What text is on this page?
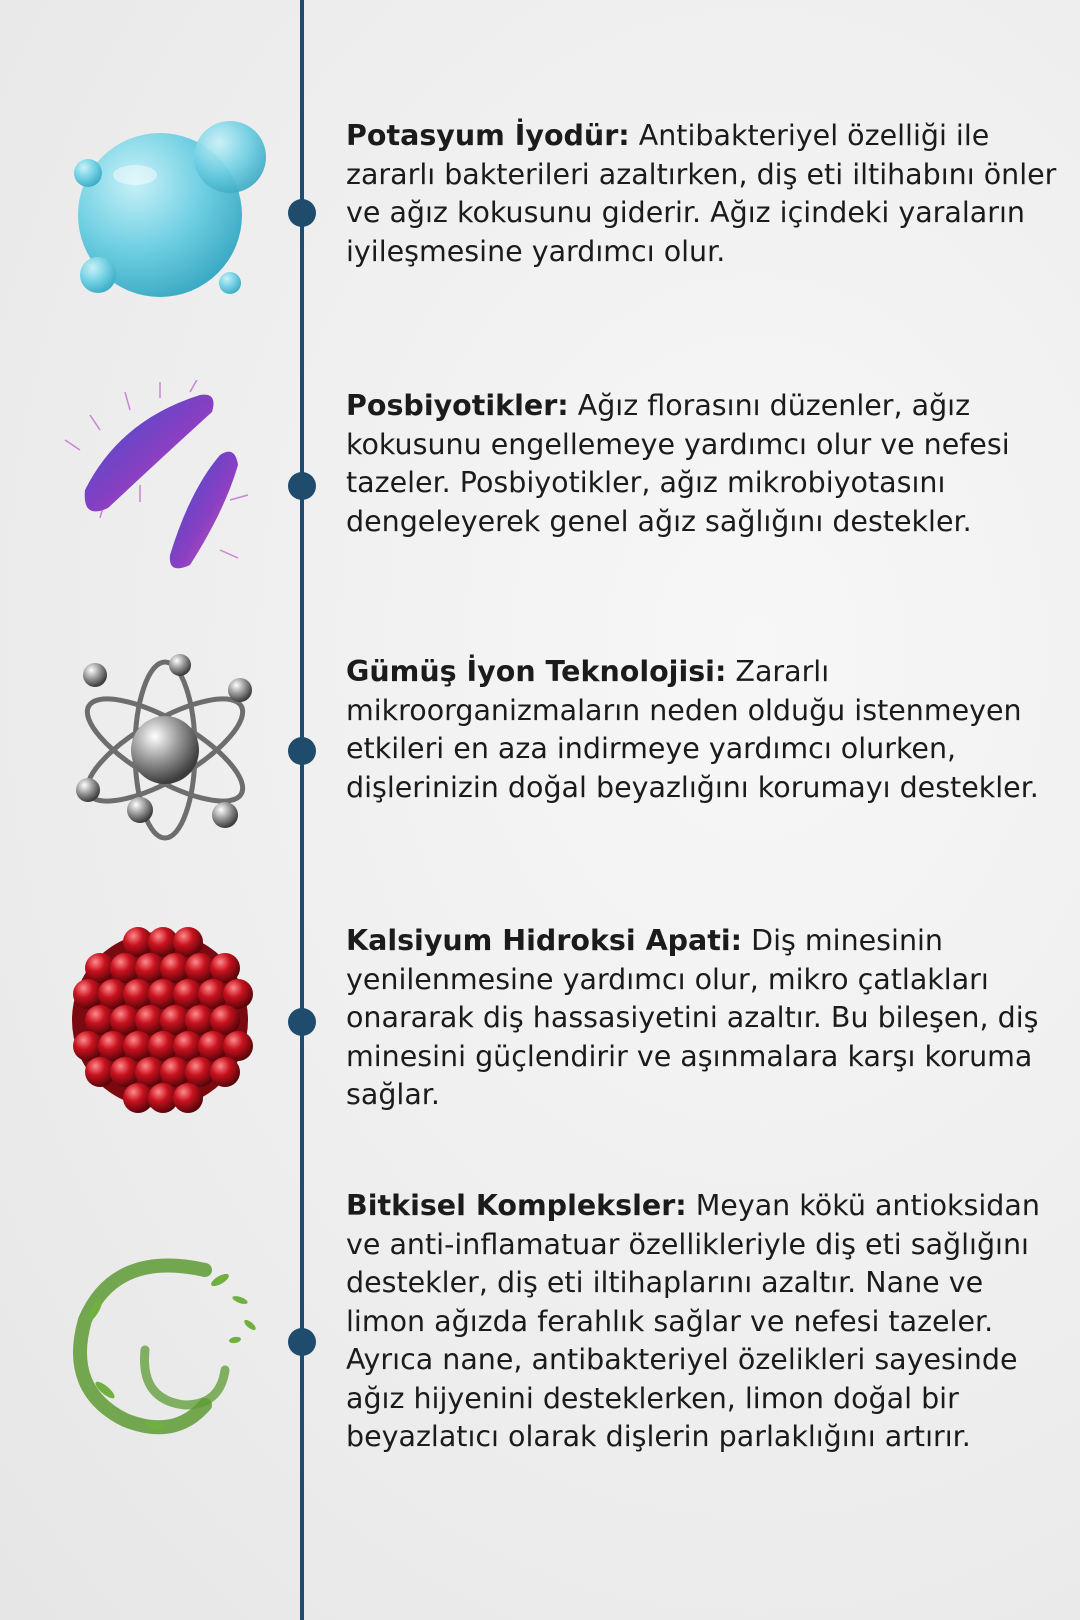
Potasyum İyodür: Antibakteriyel özelliği ile zararlı bakterileri azaltırken, diş eti iltihabını önler ve ağız kokusunu giderir. Ağız içindeki yaraların iyileşmesine yardımcı olur.

Posbiyotikler: Ağız florasını düzenler, ağız kokusunu engellemeye yardımcı olur ve nefesi tazeler. Posbiyotikler, ağız mikrobiyotasını dengeleyerek genel ağız sağlığını destekler.

Gümüş İyon Teknolojisi: Zararlı mikroorganizmaların neden olduğu istenmeyen etkileri en aza indirmeye yardımcı olurken, dişlerinizin doğal beyazlığını korumayı destekler.

Kalsiyum Hidroksi Apati: Diş minesinin yenilenmesine yardımcı olur, mikro çatlakları onararak diş hassasiyetini azaltır. Bu bileşen, diş minesini güçlendirir ve aşınmalara karşı koruma sağlar.

Bitkisel Kompleksler: Meyan kökü antioksidan ve anti-inflamatuar özellikleriyle diş eti sağlığını destekler, diş eti iltihaplarını azaltır. Nane ve limon ağızda ferahlık sağlar ve nefesi tazeler. Ayrıca nane, antibakteriyel özelikleri sayesinde ağız hijyenini desteklerken, limon doğal bir beyazlatıcı olarak dişlerin parlaklığını artırır.
